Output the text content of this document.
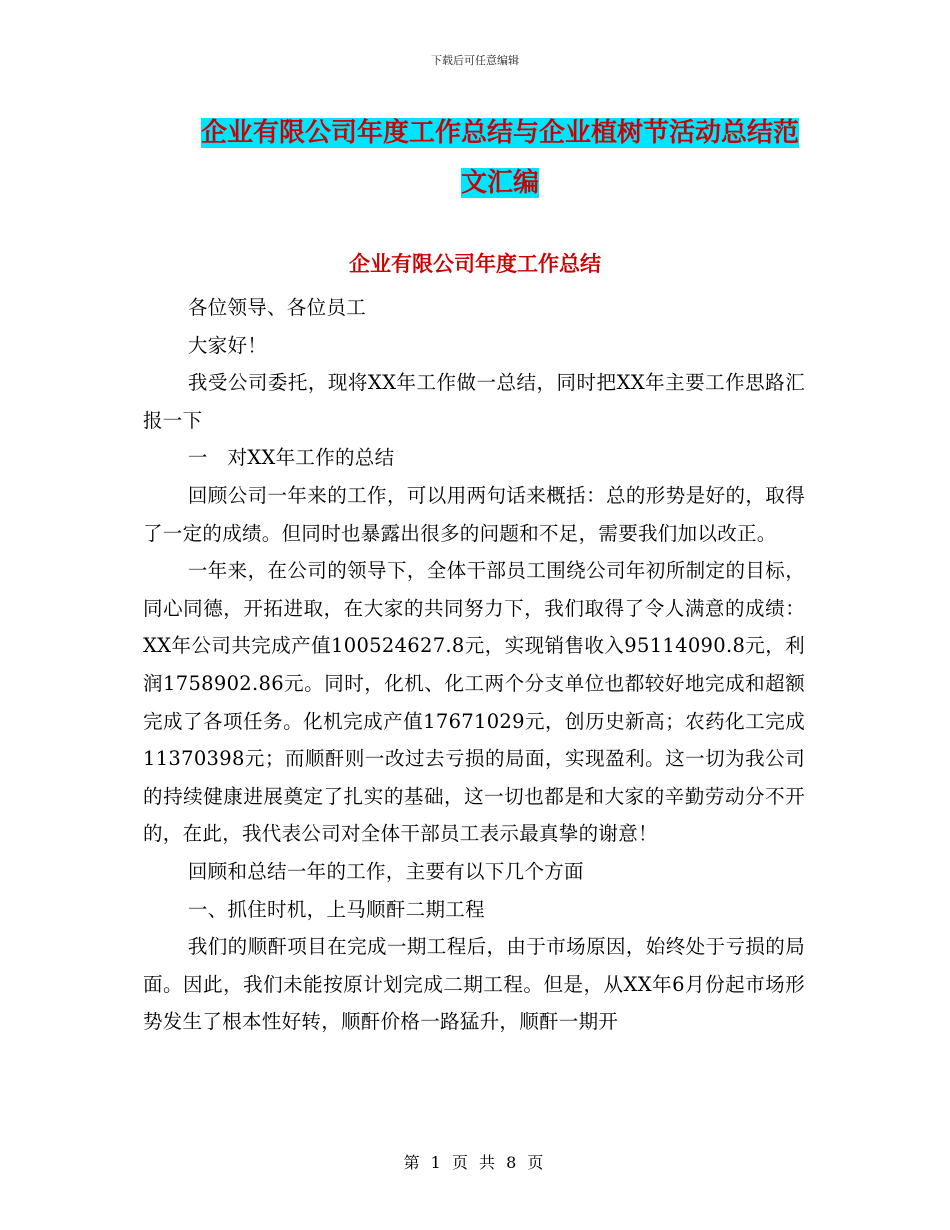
下载后可任意编辑
企业有限公司年度工作总结与企业植树节活动总结范文汇编
企业有限公司年度工作总结

各位领导、各位员工

大家好！

我受公司委托，现将XX年工作做一总结，同时把XX年主要工作思路汇报一下

一　对XX年工作的总结

回顾公司一年来的工作，可以用两句话来概括：总的形势是好的，取得了一定的成绩。但同时也暴露出很多的问题和不足，需要我们加以改正。

一年来，在公司的领导下，全体干部员工围绕公司年初所制定的目标，同心同德，开拓进取，在大家的共同努力下，我们取得了令人满意的成绩：XX年公司共完成产值100524627.8元，实现销售收入95114090.8元，利润1758902.86元。同时，化机、化工两个分支单位也都较好地完成和超额完成了各项任务。化机完成产值17671029元，创历史新高；农药化工完成11370398元；而顺酐则一改过去亏损的局面，实现盈利。这一切为我公司的持续健康进展奠定了扎实的基础，这一切也都是和大家的辛勤劳动分不开的，在此，我代表公司对全体干部员工表示最真挚的谢意！

回顾和总结一年的工作，主要有以下几个方面

一、抓住时机，上马顺酐二期工程

我们的顺酐项目在完成一期工程后，由于市场原因，始终处于亏损的局面。因此，我们未能按原计划完成二期工程。但是，从XX年6月份起市场形势发生了根本性好转，顺酐价格一路猛升，顺酐一期开

第 1 页 共 8 页
